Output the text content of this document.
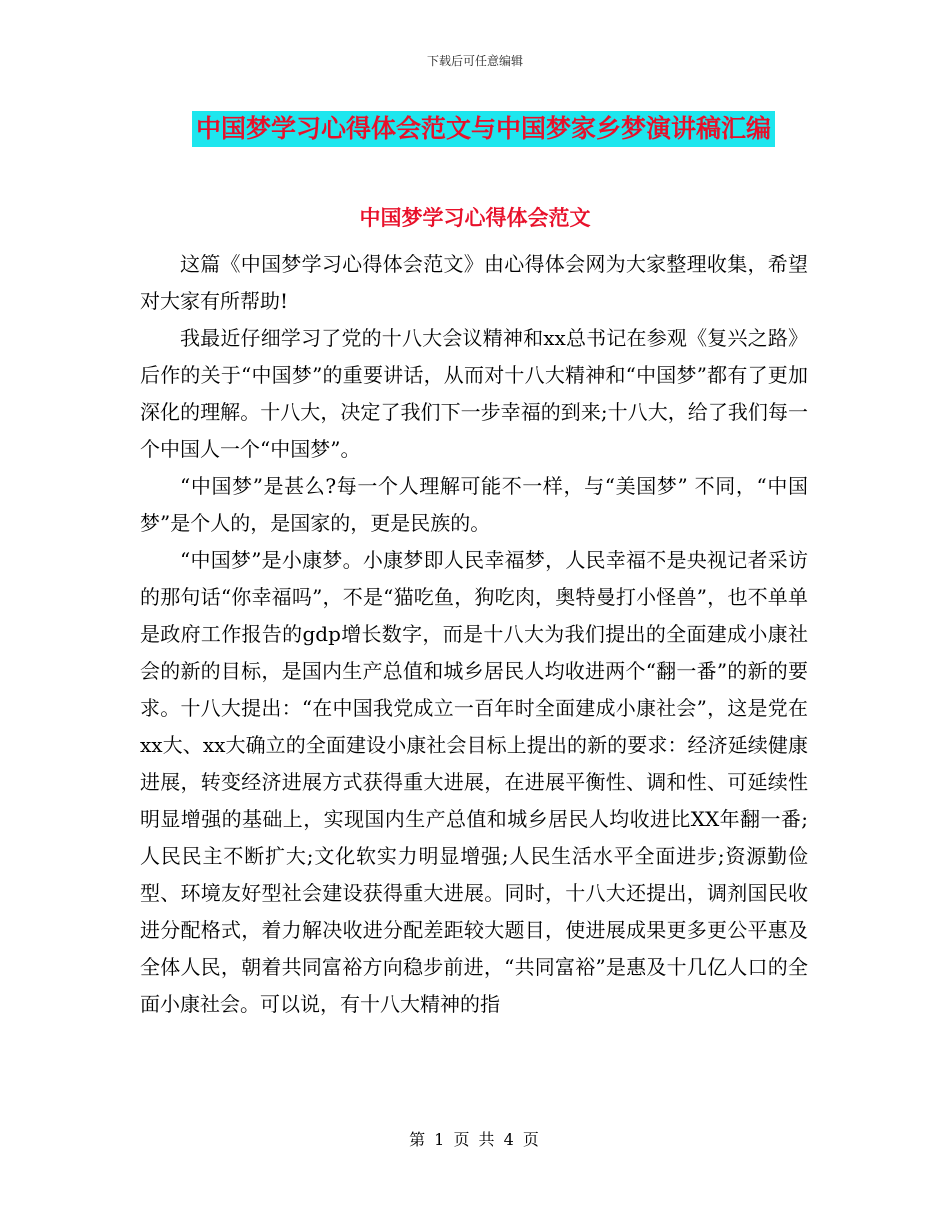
下载后可任意编辑
中国梦学习心得体会范文与中国梦家乡梦演讲稿汇编
中国梦学习心得体会范文

这篇《中国梦学习心得体会范文》由心得体会网为大家整理收集，希望对大家有所帮助!

我最近仔细学习了党的十八大会议精神和xx总书记在参观《复兴之路》后作的关于“中国梦”的重要讲话，从而对十八大精神和“中国梦”都有了更加深化的理解。十八大，决定了我们下一步幸福的到来;十八大，给了我们每一个中国人一个“中国梦”。

“中国梦”是甚么?每一个人理解可能不一样，与“美国梦” 不同，“中国梦”是个人的，是国家的，更是民族的。

“中国梦”是小康梦。小康梦即人民幸福梦，人民幸福不是央视记者采访的那句话“你幸福吗”，不是“猫吃鱼，狗吃肉，奥特曼打小怪兽”，也不单单是政府工作报告的gdp增长数字，而是十八大为我们提出的全面建成小康社会的新的目标，是国内生产总值和城乡居民人均收进两个“翻一番”的新的要求。十八大提出：“在中国我党成立一百年时全面建成小康社会”，这是党在xx大、xx大确立的全面建设小康社会目标上提出的新的要求：经济延续健康进展，转变经济进展方式获得重大进展，在进展平衡性、调和性、可延续性明显增强的基础上，实现国内生产总值和城乡居民人均收进比XX年翻一番;人民民主不断扩大;文化软实力明显增强;人民生活水平全面进步;资源勤俭型、环境友好型社会建设获得重大进展。同时，十八大还提出，调剂国民收进分配格式，着力解决收进分配差距较大题目，使进展成果更多更公平惠及全体人民，朝着共同富裕方向稳步前进，“共同富裕”是惠及十几亿人口的全面小康社会。可以说，有十八大精神的指

第 1 页 共 4 页
